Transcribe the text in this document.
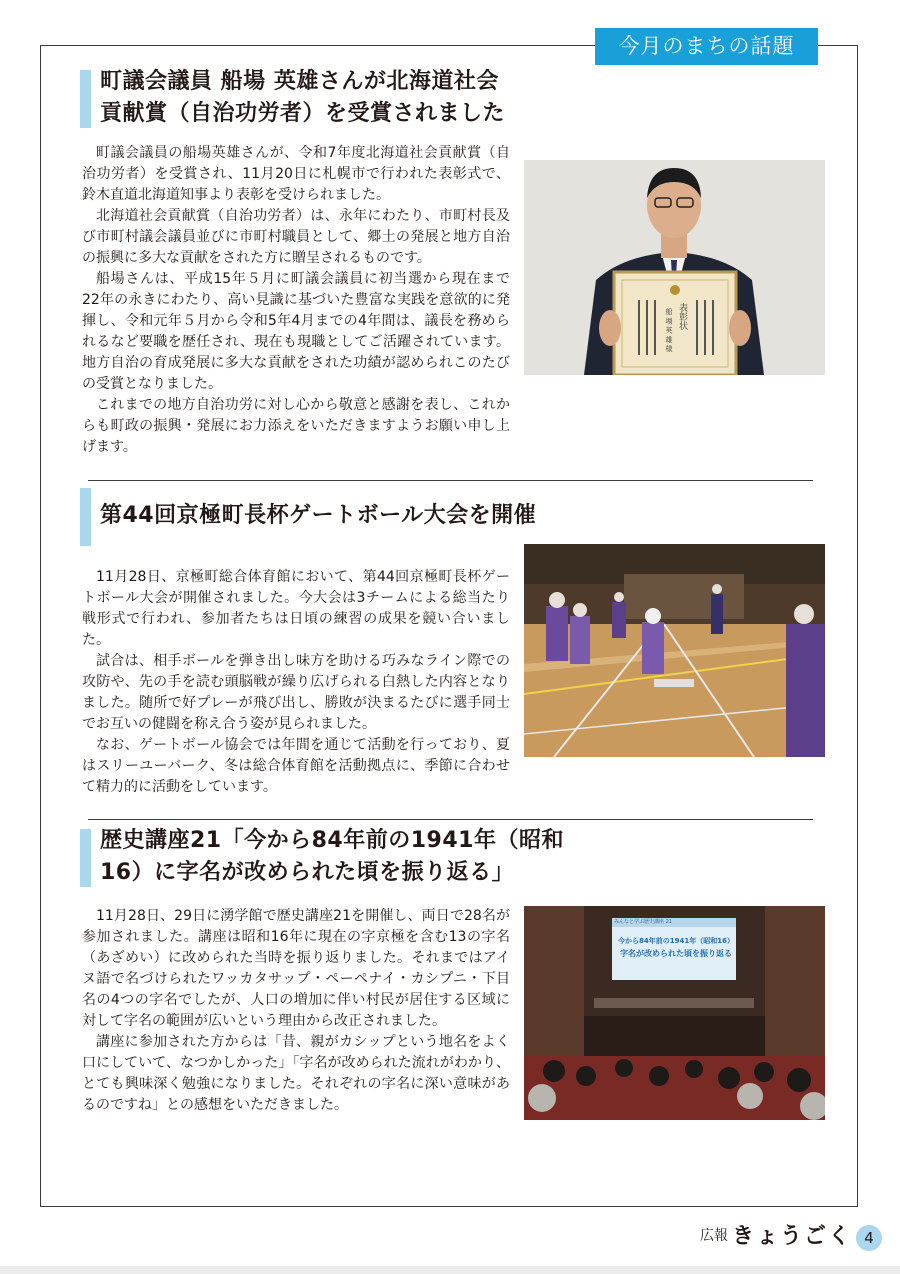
今月のまちの話題
町議会議員 船場 英雄さんが北海道社会
貢献賞（自治功労者）を受賞されました

町議会議員の船場英雄さんが、令和7年度北海道社会貢献賞（自治功労者）を受賞され、11月20日に札幌市で行われた表彰式で、鈴木直道北海道知事より表彰を受けられました。

北海道社会貢献賞（自治功労者）は、永年にわたり、市町村長及び市町村議会議員並びに市町村職員として、郷土の発展と地方自治の振興に多大な貢献をされた方に贈呈されるものです。

船場さんは、平成15年５月に町議会議員に初当選から現在まで 22年の永きにわたり、高い見識に基づいた豊富な実践を意欲的に発揮し、令和元年５月から令和5年4月までの4年間は、議長を務められるなど要職を歴任され、現在も現職としてご活躍されています。地方自治の育成発展に多大な貢献をされた功績が認められこのたびの受賞となりました。

これまでの地方自治功労に対し心から敬意と感謝を表し、これからも町政の振興・発展にお力添えをいただきますようお願い申し上げます。

表彰状
船 場 英 雄 様
第44回京極町長杯ゲートボール大会を開催

11月28日、京極町総合体育館において、第44回京極町長杯ゲートボール大会が開催されました。今大会は3チームによる総当たり戦形式で行われ、参加者たちは日頃の練習の成果を競い合いました。

試合は、相手ボールを弾き出し味方を助ける巧みなライン際での攻防や、先の手を読む頭脳戦が繰り広げられる白熱した内容となりました。随所で好プレーが飛び出し、勝敗が決まるたびに選手同士でお互いの健闘を称え合う姿が見られました。

なお、ゲートボール協会では年間を通じて活動を行っており、夏はスリーユーバーク、冬は総合体育館を活動拠点に、季節に合わせて精力的に活動をしています。

歴史講座21「今から84年前の1941年（昭和
16）に字名が改められた頃を振り返る」

11月28日、29日に湧学館で歴史講座21を開催し、両日で28名が参加されました。講座は昭和16年に現在の字京極を含む13の字名（あざめい）に改められた当時を振り返りました。それまではアイヌ語で名づけられたワッカタサップ・ペーペナイ・カシプニ・下目名の4つの字名でしたが、人口の増加に伴い村民が居住する区域に対して字名の範囲が広いという理由から改正されました。

講座に参加された方からは「昔、親がカシップという地名をよく口にしていて、なつかしかった」「字名が改められた流れがわかり、とても興味深く勉強になりました。それぞれの字名に深い意味があるのですね」との感想をいただきました。

みんなと学ぶ歴史講座 21
今から84年前の1941年（昭和16）
字名が改められた頃を振り返る
広報 きょうごく 4
